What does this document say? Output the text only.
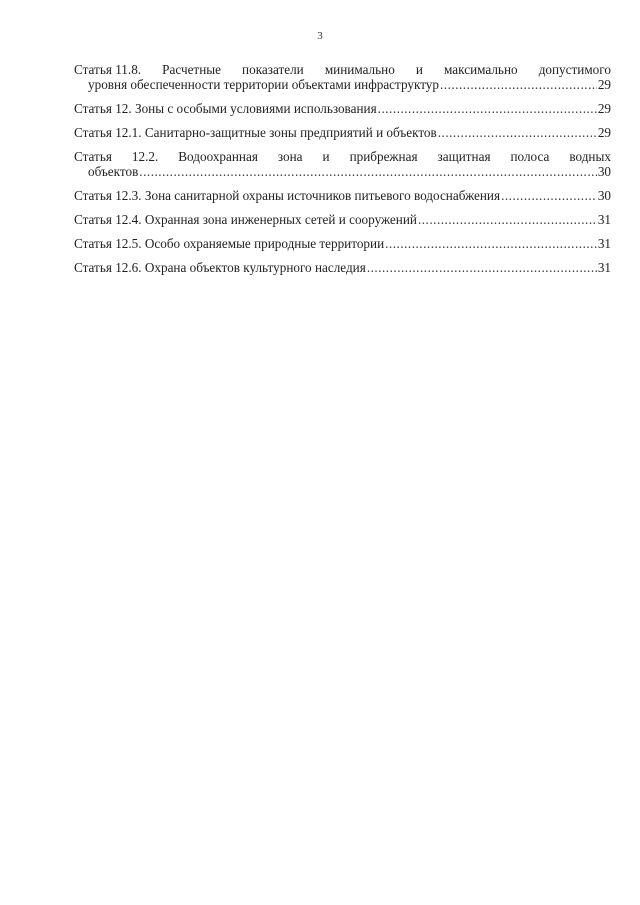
3
Статья 11.8. Расчетные показатели минимально и максимально допустимого
уровня обеспеченности территории объектами инфраструктур .....	29
Статья 12. Зоны с особыми условиями использования .....	29
Статья 12.1. Санитарно-защитные зоны предприятий и объектов .....	29
Статья 12.2. Водоохранная зона и прибрежная защитная полоса водных
объектов .....	30
Статья 12.3. Зона санитарной охраны источников питьевого водоснабжения .....	30
Статья 12.4. Охранная зона инженерных сетей и сооружений .....	31
Статья 12.5. Особо охраняемые природные территории .....	31
Статья 12.6. Охрана объектов культурного наследия .....	31
